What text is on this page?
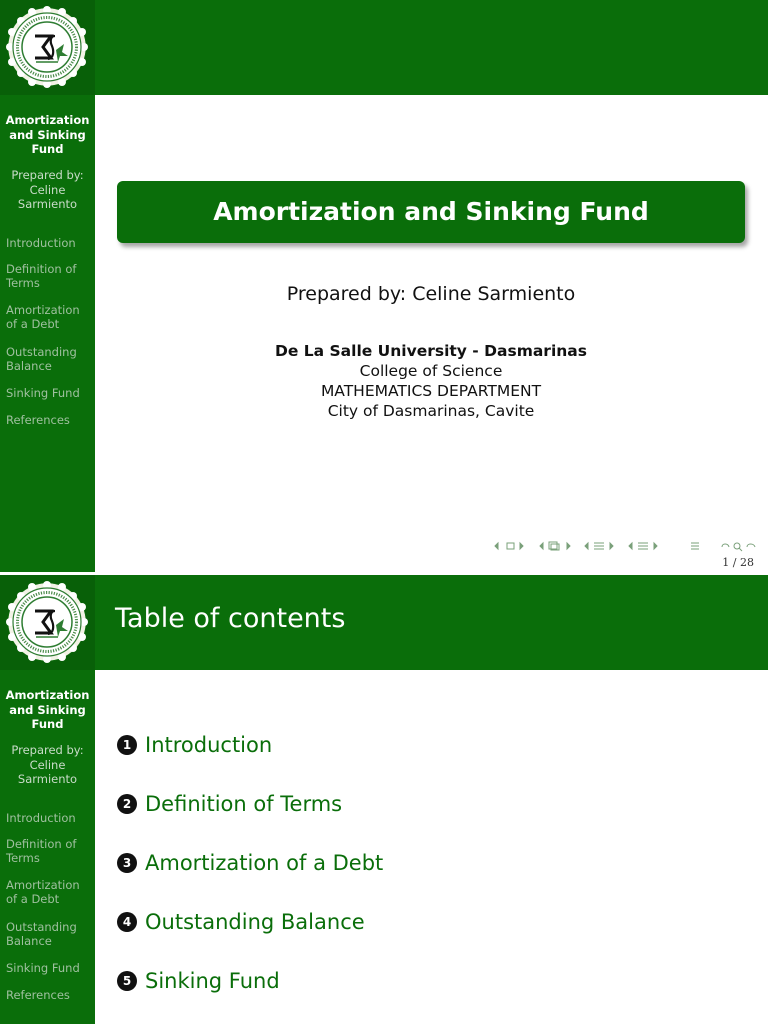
Amortization and Sinking Fund
Prepared by: Celine Sarmiento
Introduction
Definition of Terms
Amortization of a Debt
Outstanding Balance
Sinking Fund
References
Amortization and Sinking Fund
Prepared by: Celine Sarmiento
De La Salle University - Dasmarinas
College of Science
MATHEMATICS DEPARTMENT
City of Dasmarinas, Cavite
1 / 28
Table of contents
Amortization and Sinking Fund
Prepared by: Celine Sarmiento
Introduction
Definition of Terms
Amortization of a Debt
Outstanding Balance
Sinking Fund
References
1 Introduction
2 Definition of Terms
3 Amortization of a Debt
4 Outstanding Balance
5 Sinking Fund
